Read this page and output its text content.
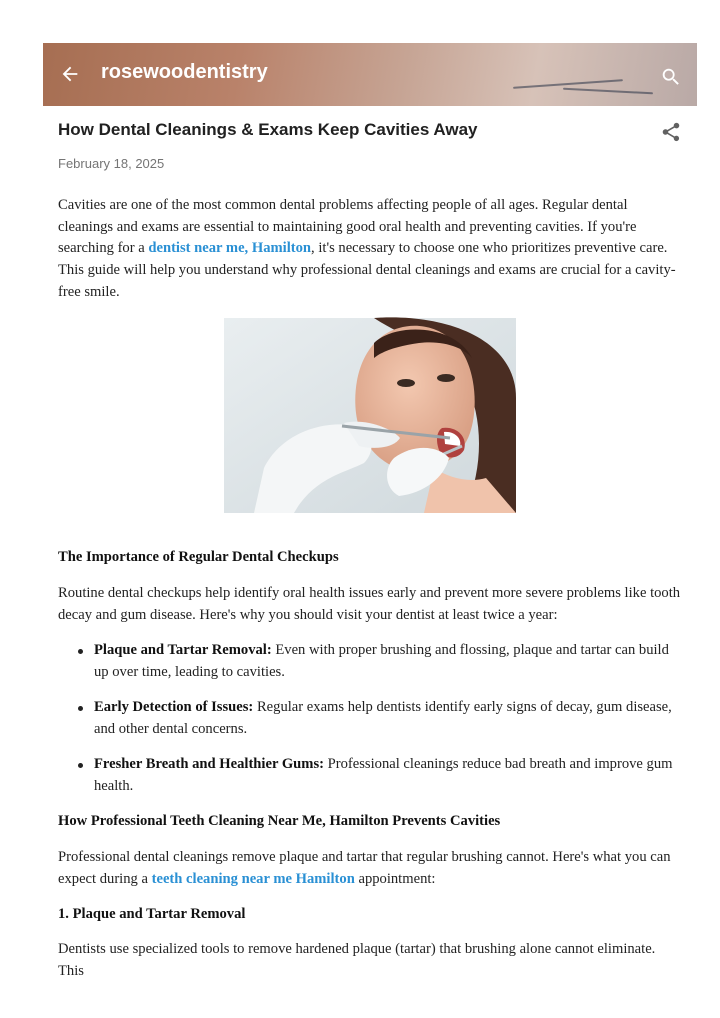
rosewoodentistry
How Dental Cleanings & Exams Keep Cavities Away
February 18, 2025

Cavities are one of the most common dental problems affecting people of all ages. Regular dental cleanings and exams are essential to maintaining good oral health and preventing cavities. If you're searching for a dentist near me, Hamilton, it's necessary to choose one who prioritizes preventive care. This guide will help you understand why professional dental cleanings and exams are crucial for a cavity-free smile.

The Importance of Regular Dental Checkups

Routine dental checkups help identify oral health issues early and prevent more severe problems like tooth decay and gum disease. Here's why you should visit your dentist at least twice a year:

Plaque and Tartar Removal: Even with proper brushing and flossing, plaque and tartar can build up over time, leading to cavities.
Early Detection of Issues: Regular exams help dentists identify early signs of decay, gum disease, and other dental concerns.
Fresher Breath and Healthier Gums: Professional cleanings reduce bad breath and improve gum health.
How Professional Teeth Cleaning Near Me, Hamilton Prevents Cavities

Professional dental cleanings remove plaque and tartar that regular brushing cannot. Here's what you can expect during a teeth cleaning near me Hamilton appointment:

1. Plaque and Tartar Removal

Dentists use specialized tools to remove hardened plaque (tartar) that brushing alone cannot eliminate. This
